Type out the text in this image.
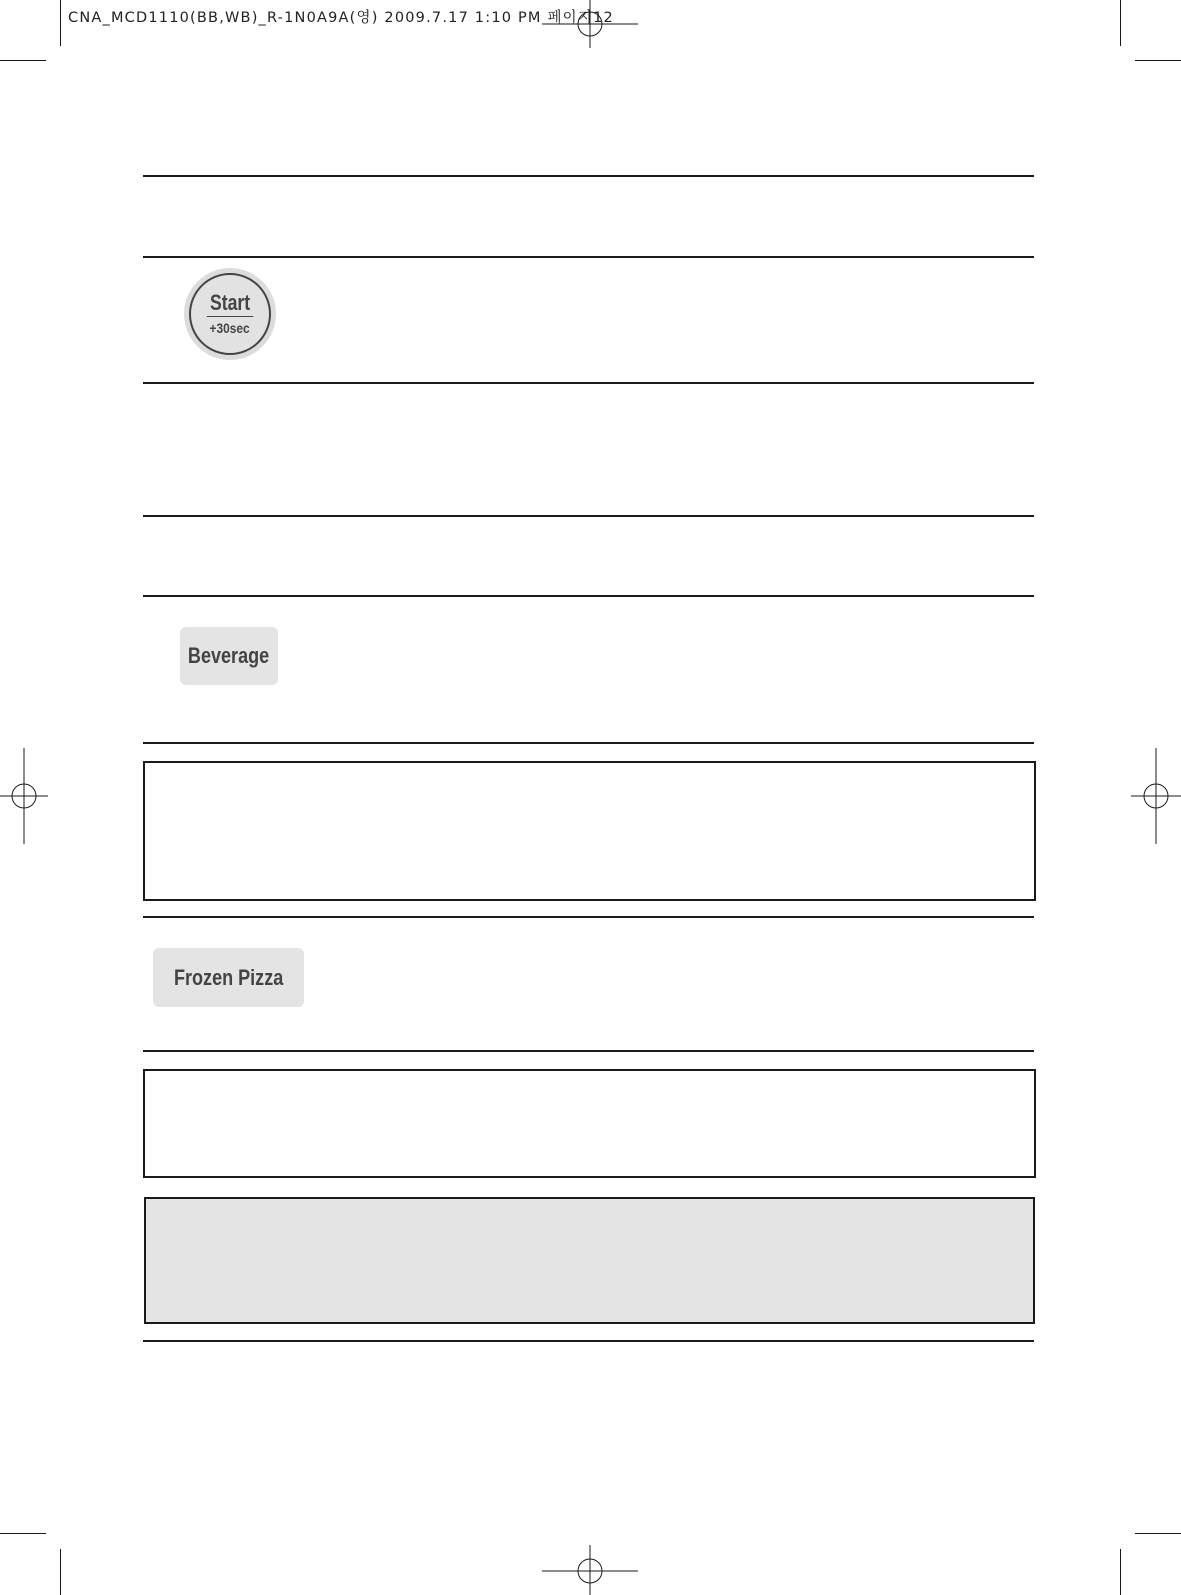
CNA_MCD1110(BB,WB)_R-1N0A9A(영) 2009.7.17 1:10 PM 페이지12
Start
+30sec
Beverage
Frozen Pizza
